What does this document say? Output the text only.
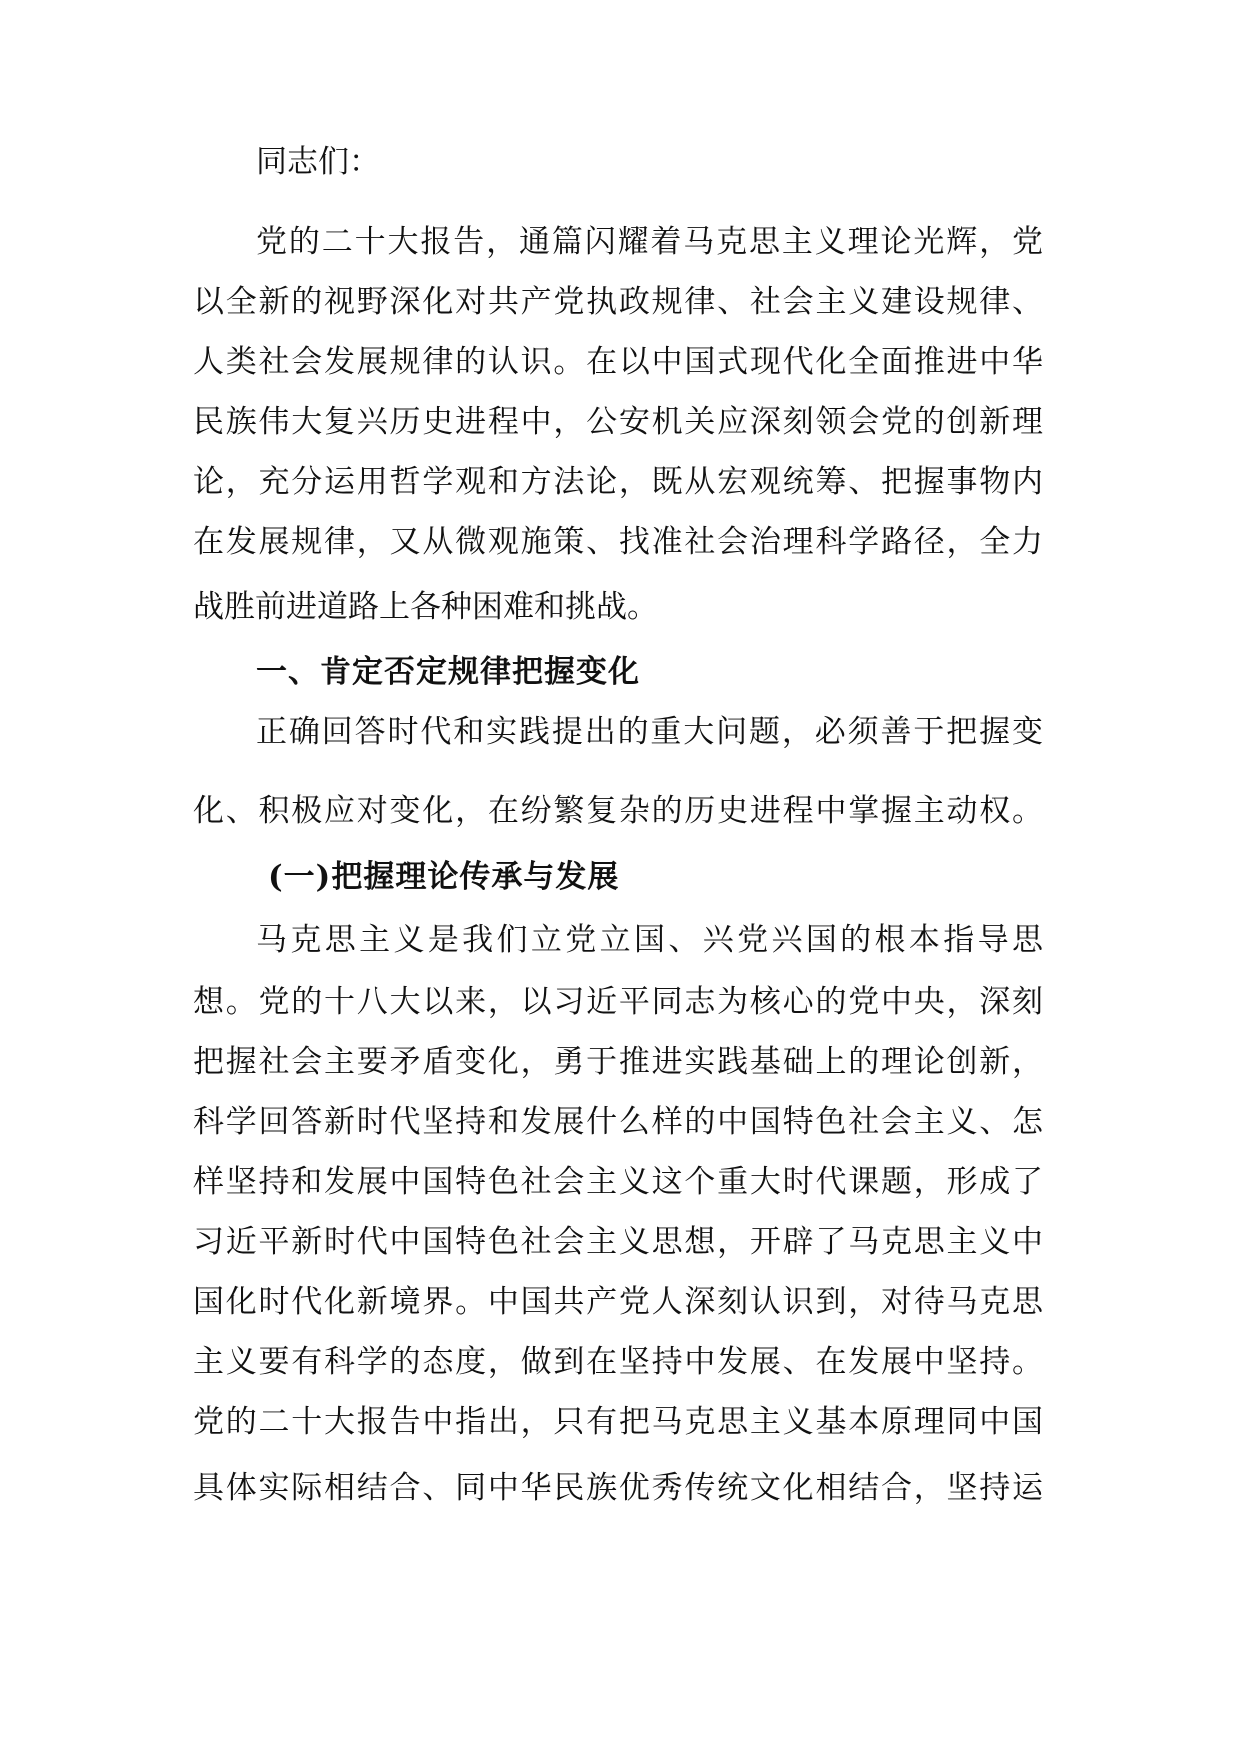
同志们：
党的二十大报告，通篇闪耀着马克思主义理论光辉，党
以全新的视野深化对共产党执政规律、社会主义建设规律、
人类社会发展规律的认识。在以中国式现代化全面推进中华
民族伟大复兴历史进程中，公安机关应深刻领会党的创新理
论，充分运用哲学观和方法论，既从宏观统筹、把握事物内
在发展规律，又从微观施策、找准社会治理科学路径，全力
战胜前进道路上各种困难和挑战。
一、肯定否定规律把握变化
正确回答时代和实践提出的重大问题，必须善于把握变
化、积极应对变化，在纷繁复杂的历史进程中掌握主动权。
(一)把握理论传承与发展
马克思主义是我们立党立国、兴党兴国的根本指导思
想。党的十八大以来，以习近平同志为核心的党中央，深刻
把握社会主要矛盾变化，勇于推进实践基础上的理论创新，
科学回答新时代坚持和发展什么样的中国特色社会主义、怎
样坚持和发展中国特色社会主义这个重大时代课题，形成了
习近平新时代中国特色社会主义思想，开辟了马克思主义中
国化时代化新境界。中国共产党人深刻认识到，对待马克思
主义要有科学的态度，做到在坚持中发展、在发展中坚持。
党的二十大报告中指出，只有把马克思主义基本原理同中国
具体实际相结合、同中华民族优秀传统文化相结合，坚持运
